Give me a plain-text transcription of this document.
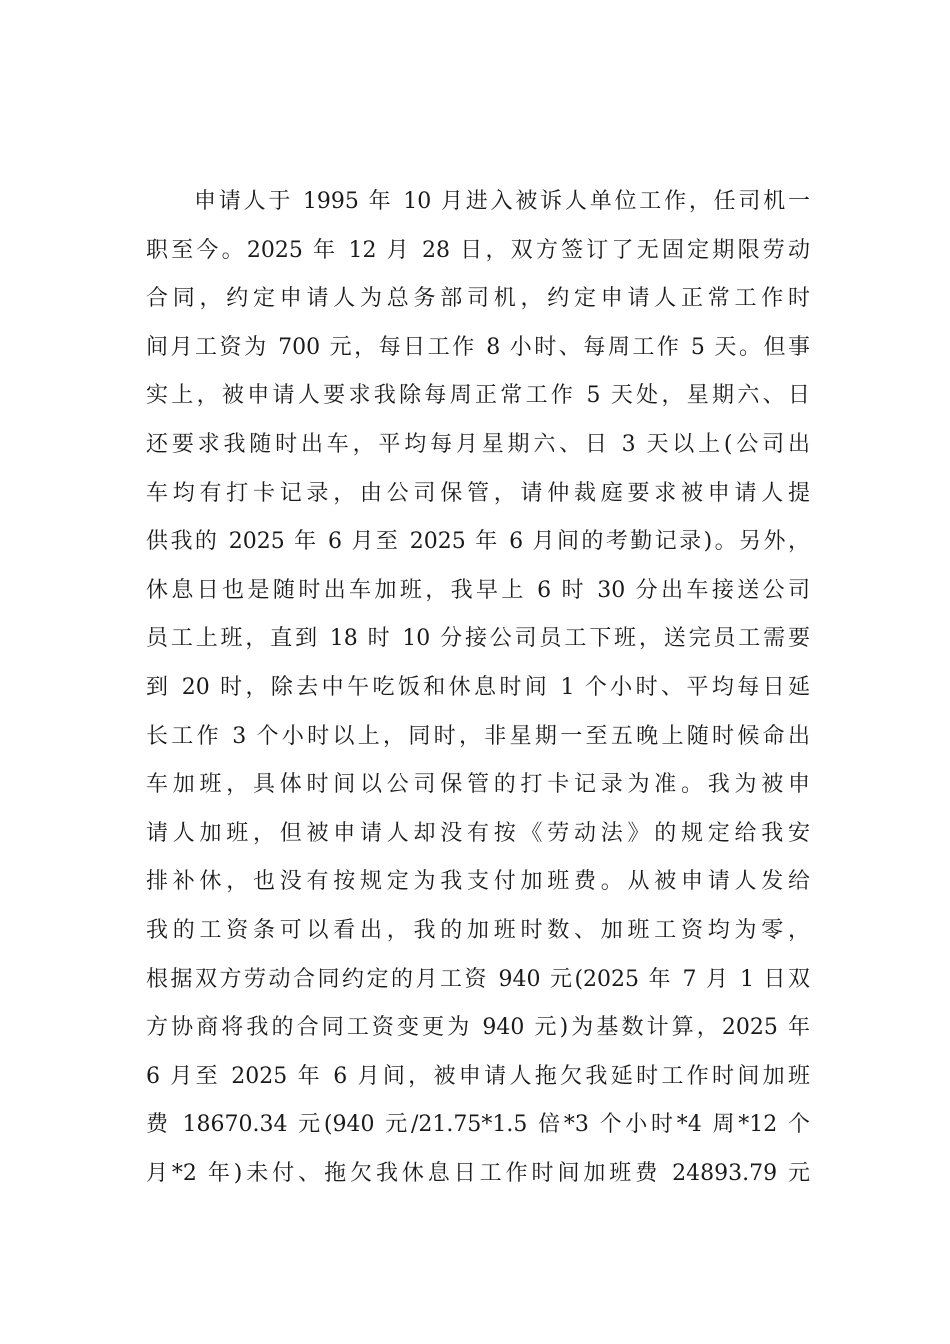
申请人于 1995 年 10 月进入被诉人单位工作，任司机一
职至今。2025 年 12 月 28 日，双方签订了无固定期限劳动
合同，约定申请人为总务部司机，约定申请人正常工作时
间月工资为 700 元，每日工作 8 小时、每周工作 5 天。但事
实上，被申请人要求我除每周正常工作 5 天处，星期六、日
还要求我随时出车，平均每月星期六、日 3 天以上(公司出
车均有打卡记录，由公司保管，请仲裁庭要求被申请人提
供我的 2025 年 6 月至 2025 年 6 月间的考勤记录)。另外，
休息日也是随时出车加班，我早上 6 时 30 分出车接送公司
员工上班，直到 18 时 10 分接公司员工下班，送完员工需要
到 20 时，除去中午吃饭和休息时间 1 个小时、平均每日延
长工作 3 个小时以上，同时，非星期一至五晚上随时候命出
车加班，具体时间以公司保管的打卡记录为准。我为被申
请人加班，但被申请人却没有按《劳动法》的规定给我安
排补休，也没有按规定为我支付加班费。从被申请人发给
我的工资条可以看出，我的加班时数、加班工资均为零，
根据双方劳动合同约定的月工资 940 元(2025 年 7 月 1 日双
方协商将我的合同工资变更为 940 元)为基数计算，2025 年
6 月至 2025 年 6 月间，被申请人拖欠我延时工作时间加班
费 18670.34 元(940 元/21.75*1.5 倍*3 个小时*4 周*12 个
月*2 年)未付、拖欠我休息日工作时间加班费 24893.79 元
